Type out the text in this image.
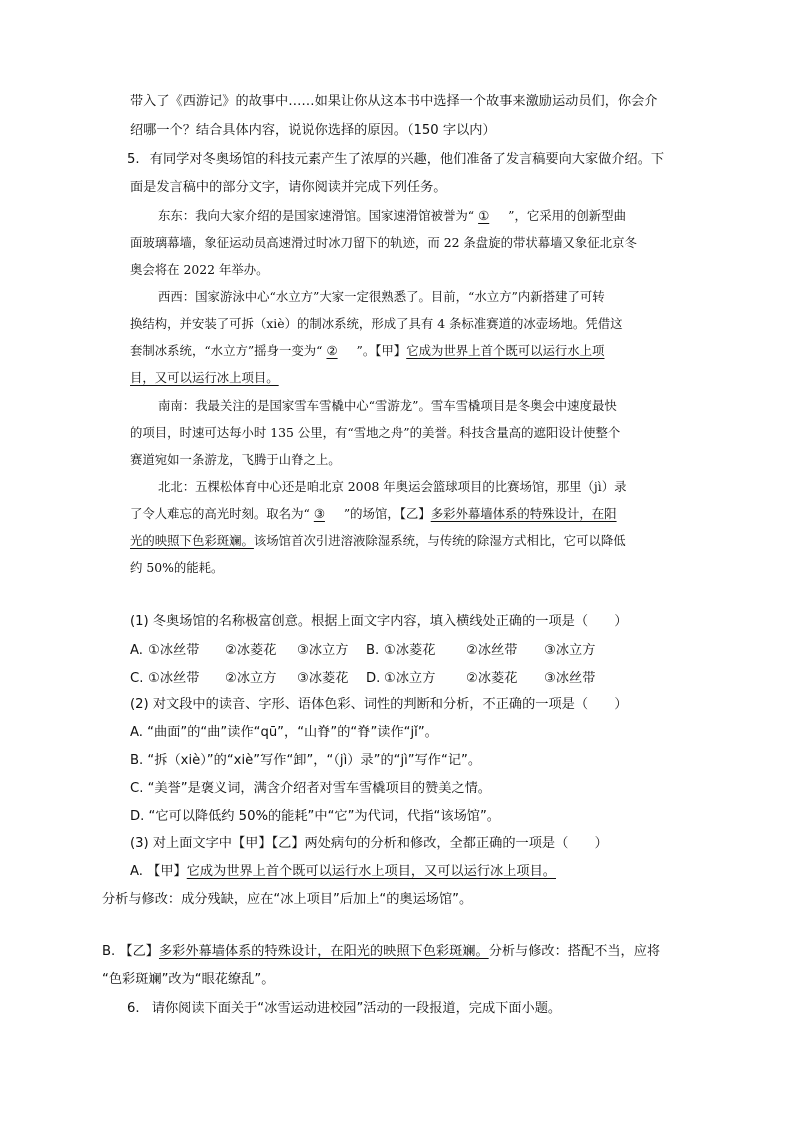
带入了《西游记》的故事中……如果让你从这本书中选择一个故事来激励运动员们，你会介
绍哪一个？结合具体内容，说说你选择的原因。（150 字以内）
5. 有同学对冬奥场馆的科技元素产生了浓厚的兴趣，他们准备了发言稿要向大家做介绍。下
面是发言稿中的部分文字，请你阅读并完成下列任务。
东东：我向大家介绍的是国家速滑馆。国家速滑馆被誉为“ ① ”，它采用的创新型曲
面玻璃幕墙，象征运动员高速滑过时冰刀留下的轨迹，而 22 条盘旋的带状幕墙又象征北京冬
奥会将在 2022 年举办。
西西：国家游泳中心“水立方”大家一定很熟悉了。目前，“水立方”内新搭建了可转
换结构，并安装了可拆（xiè）的制冰系统，形成了具有 4 条标准赛道的冰壶场地。凭借这
套制冰系统，“水立方”摇身一变为“ ② ”。【甲】它成为世界上首个既可以运行水上项
目，又可以运行冰上项目。
南南：我最关注的是国家雪车雪橇中心“雪游龙”。雪车雪橇项目是冬奥会中速度最快
的项目，时速可达每小时 135 公里，有“雪地之舟”的美誉。科技含量高的遮阳设计使整个
赛道宛如一条游龙，飞腾于山脊之上。
北北：五棵松体育中心还是咱北京 2008 年奥运会篮球项目的比赛场馆，那里（jì）录
了令人难忘的高光时刻。取名为“ ③ ”的场馆，【乙】多彩外幕墙体系的特殊设计，在阳
光的映照下色彩斑斓。该场馆首次引进溶液除湿系统，与传统的除湿方式相比，它可以降低
约 50%的能耗。
(1) 冬奥场馆的名称极富创意。根据上面文字内容，填入横线处正确的一项是（　　）
A. ①冰丝带 ②冰菱花 ③冰立方 B. ①冰菱花 ②冰丝带 ③冰立方
C. ①冰丝带 ②冰立方 ③冰菱花 D. ①冰立方 ②冰菱花 ③冰丝带
(2) 对文段中的读音、字形、语体色彩、词性的判断和分析，不正确的一项是（　　）
A. “曲面”的“曲”读作“qū”，“山脊”的“脊”读作“jǐ”。
B. “拆（xiè）”的“xiè”写作“卸”，“（jì）录”的“jì”写作“记”。
C. “美誉”是褒义词，满含介绍者对雪车雪橇项目的赞美之情。
D. “它可以降低约 50%的能耗”中“它”为代词，代指“该场馆”。
(3) 对上面文字中【甲】【乙】两处病句的分析和修改，全都正确的一项是（　　）
A. 【甲】它成为世界上首个既可以运行水上项目，又可以运行冰上项目。
分析与修改：成分残缺，应在“冰上项目”后加上“的奥运场馆”。
B. 【乙】多彩外幕墙体系的特殊设计，在阳光的映照下色彩斑斓。分析与修改：搭配不当，应将
“色彩斑斓”改为“眼花缭乱”。
6. 请你阅读下面关于“冰雪运动进校园”活动的一段报道，完成下面小题。
